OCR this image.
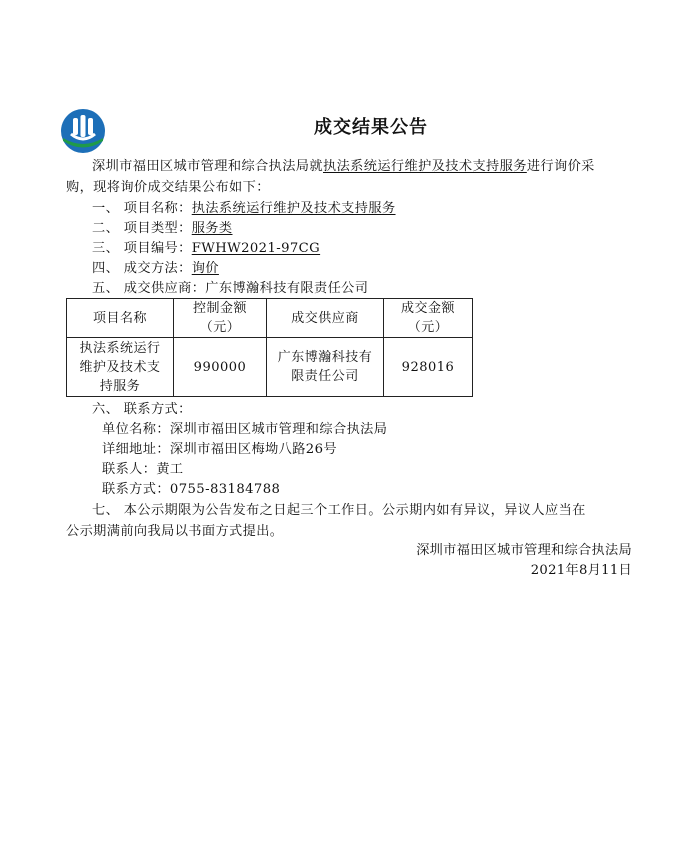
成交结果公告
深圳市福田区城市管理和综合执法局就执法系统运行维护及技术支持服务进行询价采
购，现将询价成交结果公布如下：
一、 项目名称：执法系统运行维护及技术支持服务
二、 项目类型：服务类
三、 项目编号：FWHW2021-97CG
四、 成交方法：询价
五、 成交供应商：广东博瀚科技有限责任公司
项目名称	控制金额（元）	成交供应商	成交金额（元）
执法系统运行维护及技术支持服务	990000	广东博瀚科技有限责任公司	928016
六、 联系方式：
单位名称：深圳市福田区城市管理和综合执法局
详细地址：深圳市福田区梅坳八路26号
联系人：黄工
联系方式：0755-83184788
七、 本公示期限为公告发布之日起三个工作日。公示期内如有异议，异议人应当在
公示期满前向我局以书面方式提出。
深圳市福田区城市管理和综合执法局
2021年8月11日
